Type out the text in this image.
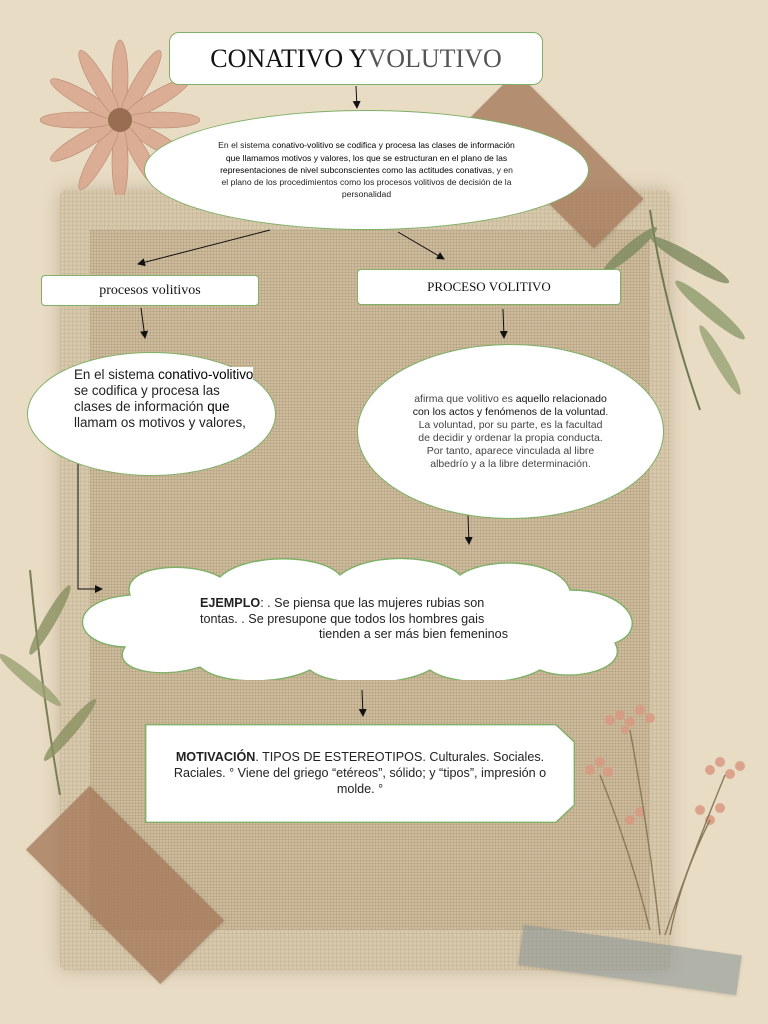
CONATIVO Y VOLUTIVO
En el sistema conativo-volitivo se codifica y procesa las clases de información que llamamos motivos y valores, los que se estructuran en el plano de las representaciones de nivel subconscientes como las actitudes conativas, y en el plano de los procedimientos como los procesos volitivos de decisión de la personalidad
procesos volitivos
En el sistema conativo-volitivo se codifica y procesa las clases de información que llamam os motivos y valores,
PROCESO VOLITIVO
afirma que volitivo es aquello relacionado con los actos y fenómenos de la voluntad. La voluntad, por su parte, es la facultad de decidir y ordenar la propia conducta. Por tanto, aparece vinculada al libre albedrío y a la libre determinación.
EJEMPLO: . Se piensa que las mujeres rubias son
tontas. . Se presupone que todos los hombres gais
tienden a ser más bien femeninos
MOTIVACIÓN. TIPOS DE ESTEREOTIPOS. Culturales. Sociales. Raciales. ° Viene del griego “etéreos”, sólido; y “tipos”, impresión o molde. °
